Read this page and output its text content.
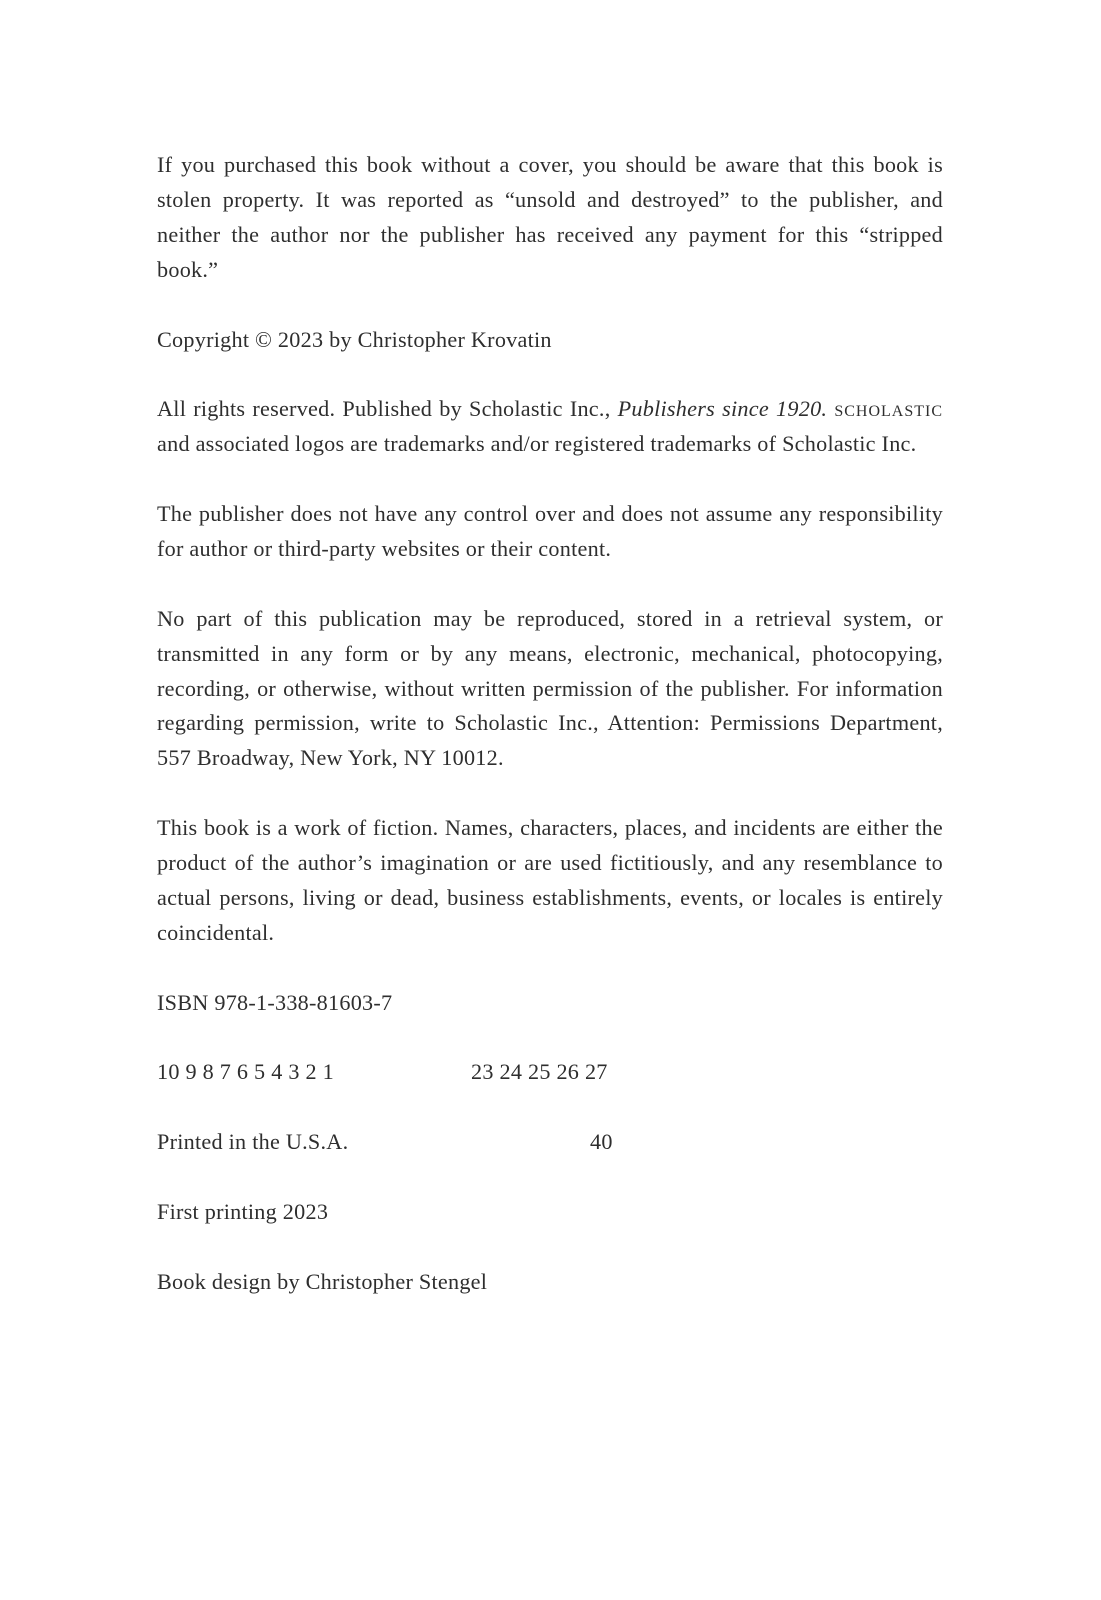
If you purchased this book without a cover, you should be aware that this book is stolen property. It was reported as “unsold and destroyed” to the publisher, and neither the author nor the publisher has received any payment for this “stripped book.”

Copyright © 2023 by Christopher Krovatin

All rights reserved. Published by Scholastic Inc., Publishers since 1920. scholastic and associated logos are trademarks and/or registered trademarks of Scholastic Inc.

The publisher does not have any control over and does not assume any responsibility for author or third-party websites or their content.

No part of this publication may be reproduced, stored in a retrieval system, or transmitted in any form or by any means, electronic, mechanical, photocopying, recording, or otherwise, without written permission of the publisher. For information regarding permission, write to Scholastic Inc., Attention: Permissions Department, 557 Broadway, New York, NY 10012.

This book is a work of fiction. Names, characters, places, and incidents are either the product of the author’s imagination or are used fictitiously, and any resemblance to actual persons, living or dead, business establishments, events, or locales is entirely coincidental.

ISBN 978-1-338-81603-7

10 9 8 7 6 5 4 3 2 1	23 24 25 26 27
Printed in the U.S.A.	40

First printing 2023

Book design by Christopher Stengel
